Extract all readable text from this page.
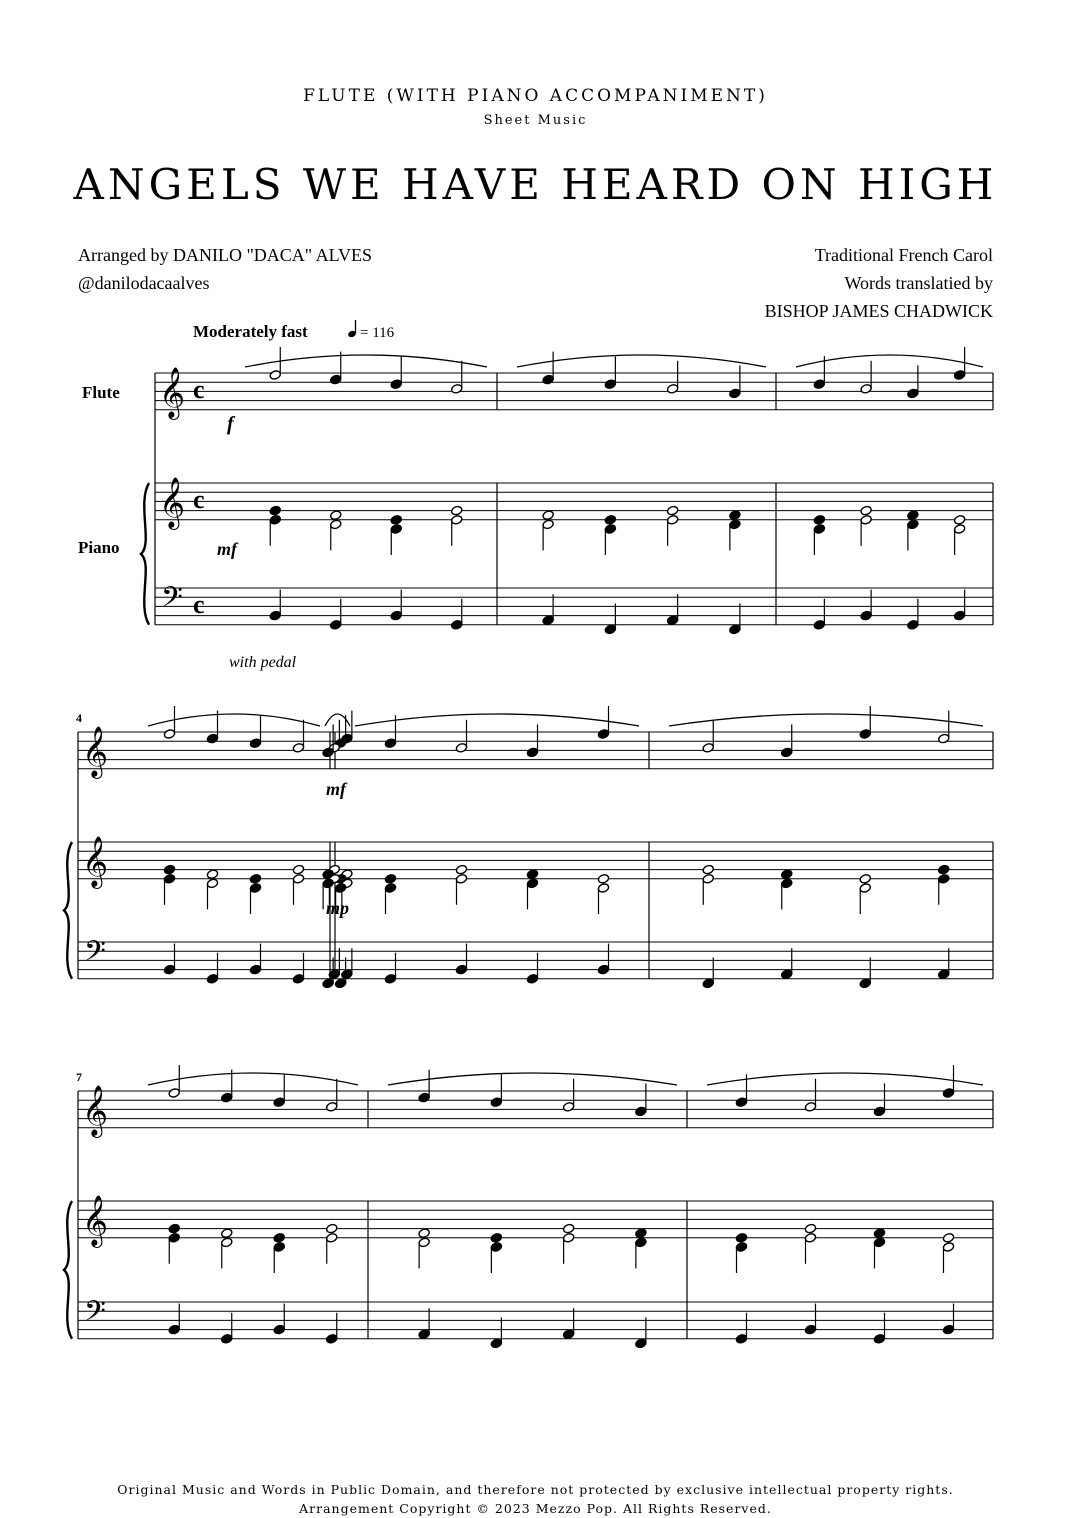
FLUTE (WITH PIANO ACCOMPANIMENT)
Sheet Music
ANGELS WE HAVE HEARD ON HIGH
Arranged by DANILO "DACA" ALVES
@danilodacaalves
Traditional French Carol
Words translatied by
BISHOP JAMES CHADWICK
Moderately fast	= 116
Flute
Piano
𝄞
𝄞
𝄢
c
c
c
𝄞
𝄞
𝄢
𝄞
𝄞
𝄢
f
mf
mf
mp
with pedal
4
7
Original Music and Words in Public Domain, and therefore not protected by exclusive intellectual property rights.
Arrangement Copyright © 2023 Mezzo Pop. All Rights Reserved.
